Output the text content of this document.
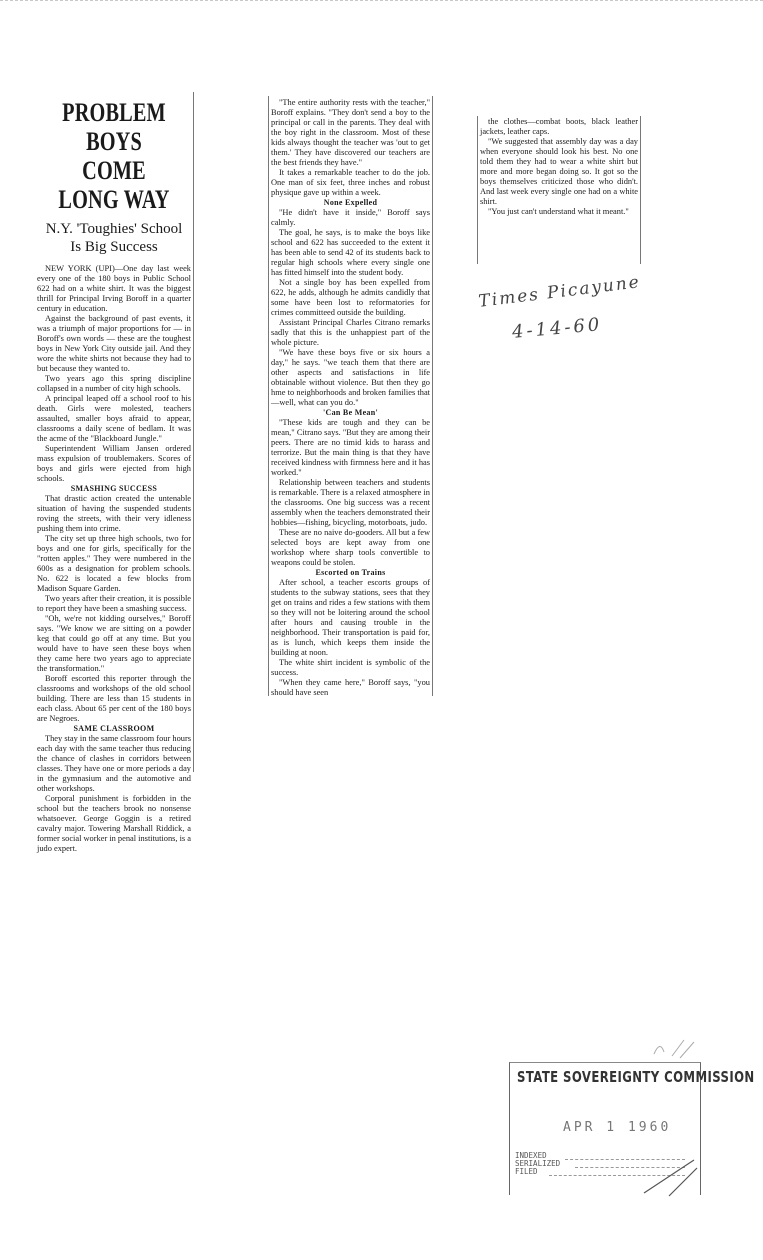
PROBLEM BOYS
COME LONG WAY
N.Y. 'Toughies' School
Is Big Success

NEW YORK (UPI)—One day last week every one of the 180 boys in Public School 622 had on a white shirt. It was the biggest thrill for Principal Irving Boroff in a quarter century in education.

Against the background of past events, it was a triumph of major proportions for — in Boroff's own words — these are the toughest boys in New York City outside jail. And they wore the white shirts not because they had to but because they wanted to.

Two years ago this spring discipline collapsed in a number of city high schools.

A principal leaped off a school roof to his death. Girls were molested, teachers assaulted, smaller boys afraid to appear, classrooms a daily scene of bedlam. It was the acme of the "Blackboard Jungle."

Superintendent William Jansen ordered mass expulsion of troublemakers. Scores of boys and girls were ejected from high schools.

SMASHING SUCCESS

That drastic action created the untenable situation of having the suspended students roving the streets, with their very idleness pushing them into crime.

The city set up three high schools, two for boys and one for girls, specifically for the "rotten apples." They were numbered in the 600s as a designation for problem schools. No. 622 is located a few blocks from Madison Square Garden.

Two years after their creation, it is possible to report they have been a smashing success.

"Oh, we're not kidding ourselves," Boroff says. "We know we are sitting on a powder keg that could go off at any time. But you would have to have seen these boys when they came here two years ago to appreciate the transformation."

Boroff escorted this reporter through the classrooms and workshops of the old school building. There are less than 15 students in each class. About 65 per cent of the 180 boys are Negroes.

SAME CLASSROOM

They stay in the same classroom four hours each day with the same teacher thus reducing the chance of clashes in corridors between classes. They have one or more periods a day in the gymnasium and the automotive and other workshops.

Corporal punishment is forbidden in the school but the teachers brook no nonsense whatsoever. George Goggin is a retired cavalry major. Towering Marshall Riddick, a former social worker in penal institutions, is a judo expert.

"The entire authority rests with the teacher," Boroff explains. "They don't send a boy to the principal or call in the parents. They deal with the boy right in the classroom. Most of these kids always thought the teacher was 'out to get them.' They have discovered our teachers are the best friends they have."

It takes a remarkable teacher to do the job. One man of six feet, three inches and robust physique gave up within a week.

None Expelled

"He didn't have it inside," Boroff says calmly.

The goal, he says, is to make the boys like school and 622 has succeeded to the extent it has been able to send 42 of its students back to regular high schools where every single one has fitted himself into the student body.

Not a single boy has been expelled from 622, he adds, although he admits candidly that some have been lost to reformatories for crimes committeed outside the building.

Assistant Principal Charles Citrano remarks sadly that this is the unhappiest part of the whole picture.

"We have these boys five or six hours a day," he says. "we teach them that there are other aspects and satisfactions in life obtainable without violence. But then they go hme to neighborhoods and broken families that—well, what can you do."

'Can Be Mean'

"These kids are tough and they can be mean," Citrano says. "But they are among their peers. There are no timid kids to harass and terrorize. But the main thing is that they have received kindness with firmness here and it has worked."

Relationship between teachers and students is remarkable. There is a relaxed atmosphere in the classrooms. One big success was a recent assembly when the teachers demonstrated their hobbies—fishing, bicycling, motorboats, judo.

These are no naive do-gooders. All but a few selected boys are kept away from one workshop where sharp tools convertible to weapons could be stolen.

Escorted on Trains

After school, a teacher escorts groups of students to the subway stations, sees that they get on trains and rides a few stations with them so they will not be loitering around the school after hours and causing trouble in the neighborhood. Their transportation is paid for, as is lunch, which keeps them inside the building at noon.

The white shirt incident is symbolic of the success.

"When they came here," Boroff says, "you should have seen

the clothes—combat boots, black leather jackets, leather caps.

"We suggested that assembly day was a day when everyone should look his best. No one told them they had to wear a white shirt but more and more began doing so. It got so the boys themselves criticized those who didn't. And last week every single one had on a white shirt.

"You just can't understand what it meant."

Times Picayune
4-14-60
STATE SOVEREIGNTY COMMISSION
APR 1 1960
INDEXED
SERIALIZED
FILED
